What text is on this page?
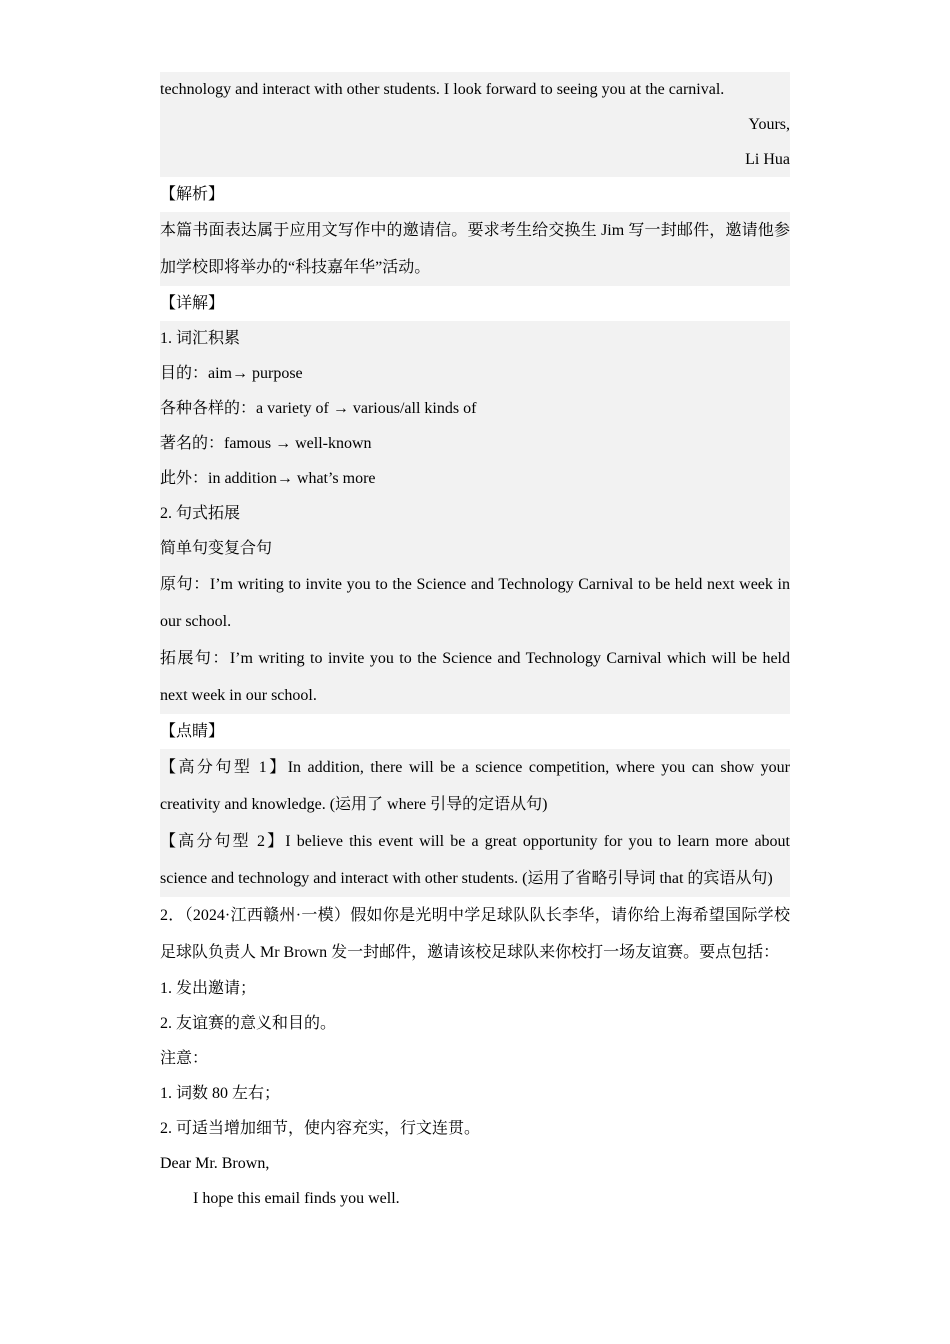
technology and interact with other students. I look forward to seeing you at the carnival.
Yours,
Li Hua
【解析】
本篇书面表达属于应用文写作中的邀请信。要求考生给交换生 Jim 写一封邮件，邀请他参加学校即将举办的“科技嘉年华”活动。
【详解】
1. 词汇积累
目的：aim→ purpose
各种各样的：a variety of → various/all kinds of
著名的：famous → well-known
此外：in addition→ what’s more
2. 句式拓展
简单句变复合句
原句：I’m writing to invite you to the Science and Technology Carnival to be held next week in our school.
拓展句：I’m writing to invite you to the Science and Technology Carnival which will be held next week in our school.
【点睛】
【高分句型 1】In addition, there will be a science competition, where you can show your creativity and knowledge. (运用了 where 引导的定语从句)
【高分句型 2】I believe this event will be a great opportunity for you to learn more about science and technology and interact with other students. (运用了省略引导词 that 的宾语从句)
2．（2024·江西赣州·一模）假如你是光明中学足球队队长李华，请你给上海希望国际学校足球队负责人 Mr Brown 发一封邮件，邀请该校足球队来你校打一场友谊赛。要点包括：
1. 发出邀请；
2. 友谊赛的意义和目的。
注意：
1. 词数 80 左右；
2. 可适当增加细节，使内容充实，行文连贯。
Dear Mr. Brown,
I hope this email finds you well.
